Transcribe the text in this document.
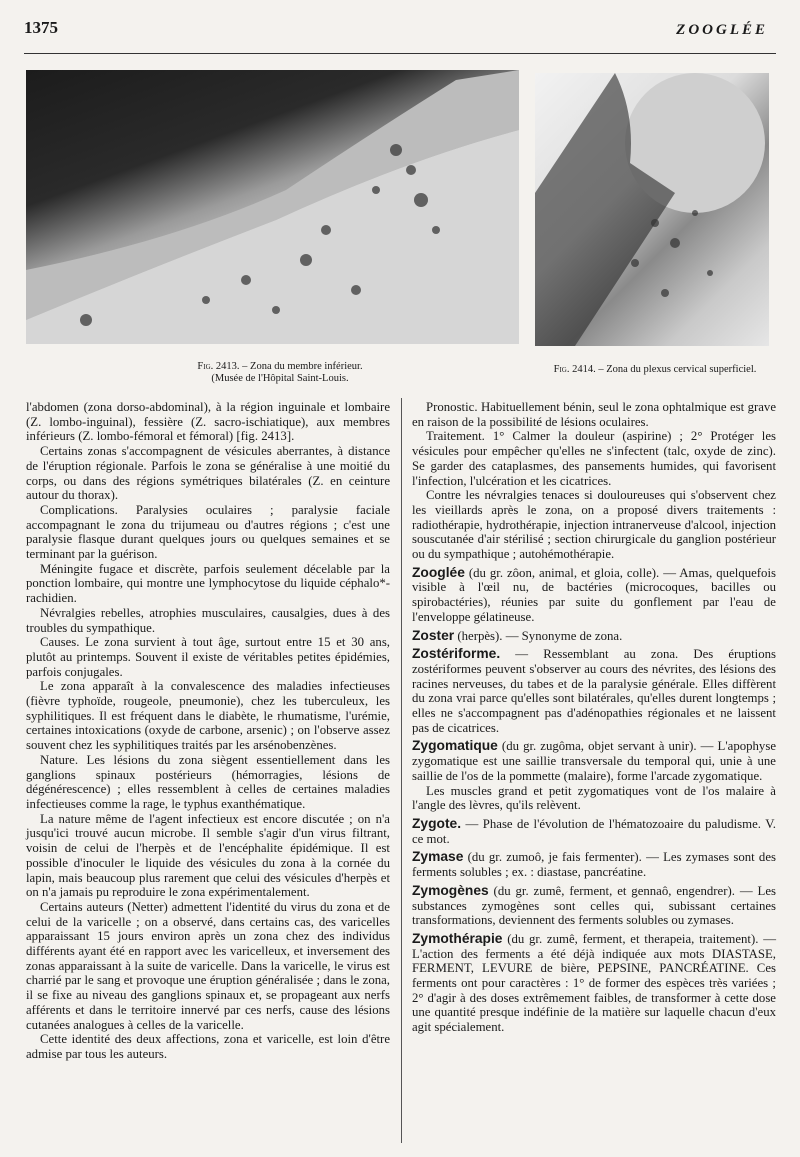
1375	ZOOGLÉE
Fig. 2413. – Zona du membre inférieur.
(Musée de l'Hôpital Saint-Louis.
Fig. 2414. – Zona du plexus cervical superficiel.

l'abdomen (zona dorso-abdominal), à la région inguinale et lombaire (Z. lombo-inguinal), fessière (Z. sacro-ischiatique), aux membres inférieurs (Z. lombo-fémoral et fémoral) [fig. 2413].

Certains zonas s'accompagnent de vésicules aberrantes, à distance de l'éruption régionale. Parfois le zona se généralise à une moitié du corps, ou dans des régions symétriques bilatérales (Z. en ceinture autour du thorax).

Complications. Paralysies oculaires ; paralysie faciale accompagnant le zona du trijumeau ou d'autres régions ; c'est une paralysie flasque durant quelques jours ou quelques semaines et se terminant par la guérison.

Méningite fugace et discrète, parfois seulement décelable par la ponction lombaire, qui montre une lymphocytose du liquide céphalo*-rachidien.

Névralgies rebelles, atrophies musculaires, causalgies, dues à des troubles du sympathique.

Causes. Le zona survient à tout âge, surtout entre 15 et 30 ans, plutôt au printemps. Souvent il existe de véritables petites épidémies, parfois conjugales.

Le zona apparaît à la convalescence des maladies infectieuses (fièvre typhoïde, rougeole, pneumonie), chez les tuberculeux, les syphilitiques. Il est fréquent dans le diabète, le rhumatisme, l'urémie, certaines intoxications (oxyde de carbone, arsenic) ; on l'observe assez souvent chez les syphilitiques traités par les arsénobenzènes.

Nature. Les lésions du zona siègent essentiellement dans les ganglions spinaux postérieurs (hémorragies, lésions de dégénérescence) ; elles ressemblent à celles de certaines maladies infectieuses comme la rage, le typhus exanthématique.

La nature même de l'agent infectieux est encore discutée ; on n'a jusqu'ici trouvé aucun microbe. Il semble s'agir d'un virus filtrant, voisin de celui de l'herpès et de l'encéphalite épidémique. Il est possible d'inoculer le liquide des vésicules du zona à la cornée du lapin, mais beaucoup plus rarement que celui des vésicules d'herpès et on n'a jamais pu reproduire le zona expérimentalement.

Certains auteurs (Netter) admettent l'identité du virus du zona et de celui de la varicelle ; on a observé, dans certains cas, des varicelles apparaissant 15 jours environ après un zona chez des individus différents ayant été en rapport avec les varicelleux, et inversement des zonas apparaissant à la suite de varicelle. Dans la varicelle, le virus est charrié par le sang et provoque une éruption généralisée ; dans le zona, il se fixe au niveau des ganglions spinaux et, se propageant aux nerfs afférents et dans le territoire innervé par ces nerfs, cause des lésions cutanées analogues à celles de la varicelle.

Cette identité des deux affections, zona et varicelle, est loin d'être admise par tous les auteurs.

Pronostic. Habituellement bénin, seul le zona ophtalmique est grave en raison de la possibilité de lésions oculaires.

Traitement. 1° Calmer la douleur (aspirine) ; 2° Protéger les vésicules pour empêcher qu'elles ne s'infectent (talc, oxyde de zinc). Se garder des cataplasmes, des pansements humides, qui favorisent l'infection, l'ulcération et les cicatrices.

Contre les névralgies tenaces si douloureuses qui s'observent chez les vieillards après le zona, on a proposé divers traitements : radiothérapie, hydrothérapie, injection intranerveuse d'alcool, injection souscutanée d'air stérilisé ; section chirurgicale du ganglion postérieur ou du sympathique ; autohémothérapie.

Zooglée (du gr. zôon, animal, et gloia, colle). — Amas, quelquefois visible à l'œil nu, de bactéries (microcoques, bacilles ou spirobactéries), réunies par suite du gonflement par l'eau de l'enveloppe gélatineuse.

Zoster (herpès). — Synonyme de zona.

Zostériforme. — Ressemblant au zona. Des éruptions zostériformes peuvent s'observer au cours des névrites, des lésions des racines nerveuses, du tabes et de la paralysie générale. Elles diffèrent du zona vrai parce qu'elles sont bilatérales, qu'elles durent longtemps ; elles ne s'accompagnent pas d'adénopathies régionales et ne laissent pas de cicatrices.

Zygomatique (du gr. zugôma, objet servant à unir). — L'apophyse zygomatique est une saillie transversale du temporal qui, unie à une saillie de l'os de la pommette (malaire), forme l'arcade zygomatique.

Les muscles grand et petit zygomatiques vont de l'os malaire à l'angle des lèvres, qu'ils relèvent.

Zygote. — Phase de l'évolution de l'hématozoaire du paludisme. V. ce mot.

Zymase (du gr. zumoô, je fais fermenter). — Les zymases sont des ferments solubles ; ex. : diastase, pancréatine.

Zymogènes (du gr. zumê, ferment, et gennaô, engendrer). — Les substances zymogènes sont celles qui, subissant certaines transformations, deviennent des ferments solubles ou zymases.

Zymothérapie (du gr. zumê, ferment, et therapeia, traitement). — L'action des ferments a été déjà indiquée aux mots DIASTASE, FERMENT, LEVURE de bière, PEPSINE, PANCRÉATINE. Ces ferments ont pour caractères : 1° de former des espèces très variées ; 2° d'agir à des doses extrêmement faibles, de transformer à cette dose une quantité presque indéfinie de la matière sur laquelle chacun d'eux agit spécialement.
